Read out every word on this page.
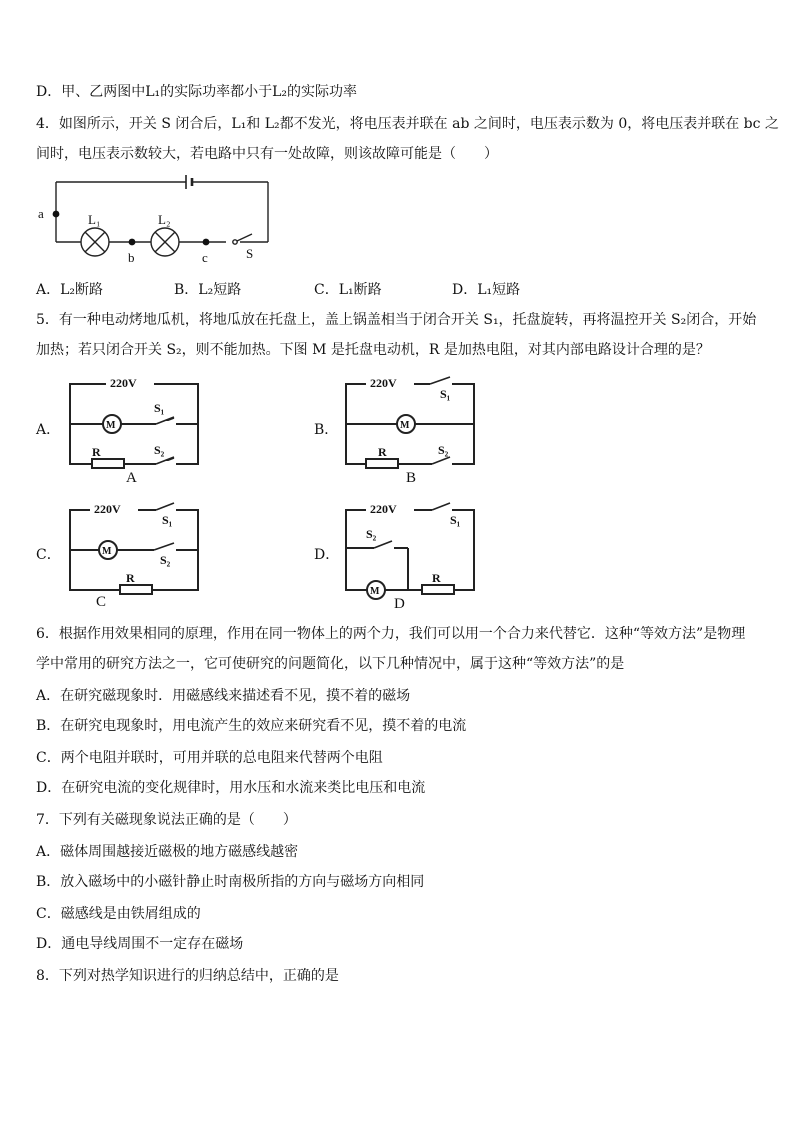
D．甲、乙两图中L₁的实际功率都小于L₂的实际功率
4．如图所示，开关 S 闭合后，L₁和 L₂都不发光，将电压表并联在 ab 之间时，电压表示数为 0，将电压表并联在 bc 之
间时，电压表示数较大，若电路中只有一处故障，则该故障可能是（　　）
a
b	c
L₁	L₂
S
A．L₂断路	B．L₂短路	C．L₁断路	D．L₁短路
5．有一种电动烤地瓜机，将地瓜放在托盘上，盖上锅盖相当于闭合开关 S₁，托盘旋转，再将温控开关 S₂闭合，开始
加热；若只闭合开关 S₂，则不能加热。下图 M 是托盘电动机，R 是加热电阻，对其内部电路设计合理的是？
A．	B．
C．	D．
220V
M
S₁
R	S₂
A
220V
M
S₁
R	S₂
B
220V
M
S₁
R
S₂
C
220V
M
S₁
R
S₂
D
6．根据作用效果相同的原理，作用在同一物体上的两个力，我们可以用一个合力来代替它．这种“等效方法”是物理
学中常用的研究方法之一，它可使研究的问题简化，以下几种情况中，属于这种“等效方法”的是
A．在研究磁现象时．用磁感线来描述看不见，摸不着的磁场
B．在研究电现象时，用电流产生的效应来研究看不见，摸不着的电流
C．两个电阻并联时，可用并联的总电阻来代替两个电阻
D．在研究电流的变化规律时，用水压和水流来类比电压和电流
7．下列有关磁现象说法正确的是（　　）
A．磁体周围越接近磁极的地方磁感线越密
B．放入磁场中的小磁针静止时南极所指的方向与磁场方向相同
C．磁感线是由铁屑组成的
D．通电导线周围不一定存在磁场
8．下列对热学知识进行的归纳总结中，正确的是
